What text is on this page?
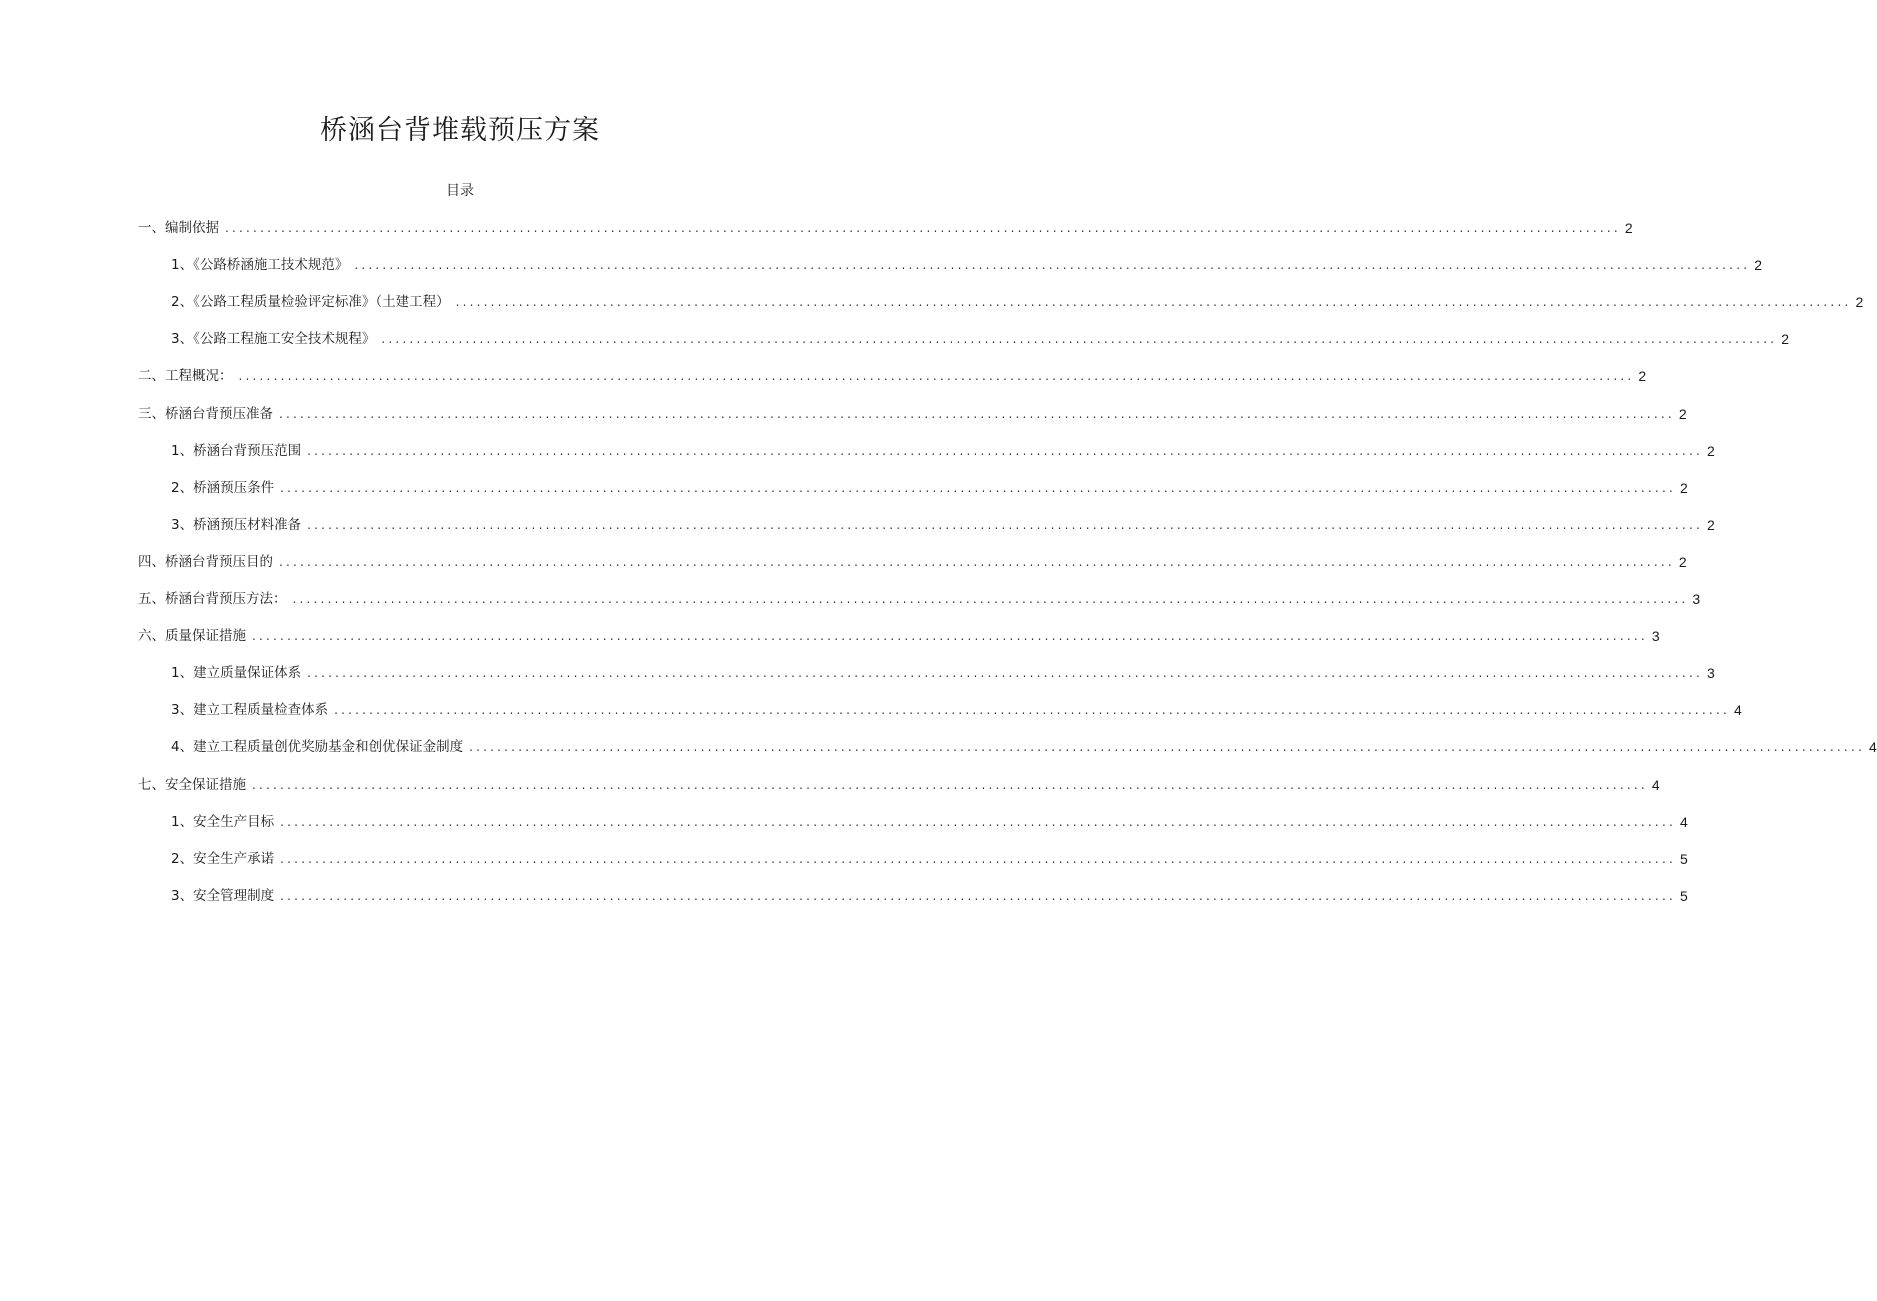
桥涵台背堆载预压方案
目录
一、编制依据 ....................................................................................................................................................................................................... 2
1、《公路桥涵施工技术规范》 ....................................................................................................................................................................................................... 2
2、《公路工程质量检验评定标准》（土建工程） ....................................................................................................................................................................................................... 2
3、《公路工程施工安全技术规程》 ....................................................................................................................................................................................................... 2
二、工程概况： ....................................................................................................................................................................................................... 2
三、桥涵台背预压准备 ....................................................................................................................................................................................................... 2
1、桥涵台背预压范围 ....................................................................................................................................................................................................... 2
2、桥涵预压条件 ....................................................................................................................................................................................................... 2
3、桥涵预压材料准备 ....................................................................................................................................................................................................... 2
四、桥涵台背预压目的 ....................................................................................................................................................................................................... 2
五、桥涵台背预压方法： ....................................................................................................................................................................................................... 3
六、质量保证措施 ....................................................................................................................................................................................................... 3
1、建立质量保证体系 ....................................................................................................................................................................................................... 3
3、建立工程质量检查体系 ....................................................................................................................................................................................................... 4
4、建立工程质量创优奖励基金和创优保证金制度 ....................................................................................................................................................................................................... 4
七、安全保证措施 ....................................................................................................................................................................................................... 4
1、安全生产目标 ....................................................................................................................................................................................................... 4
2、安全生产承诺 ....................................................................................................................................................................................................... 5
3、安全管理制度 ....................................................................................................................................................................................................... 5
